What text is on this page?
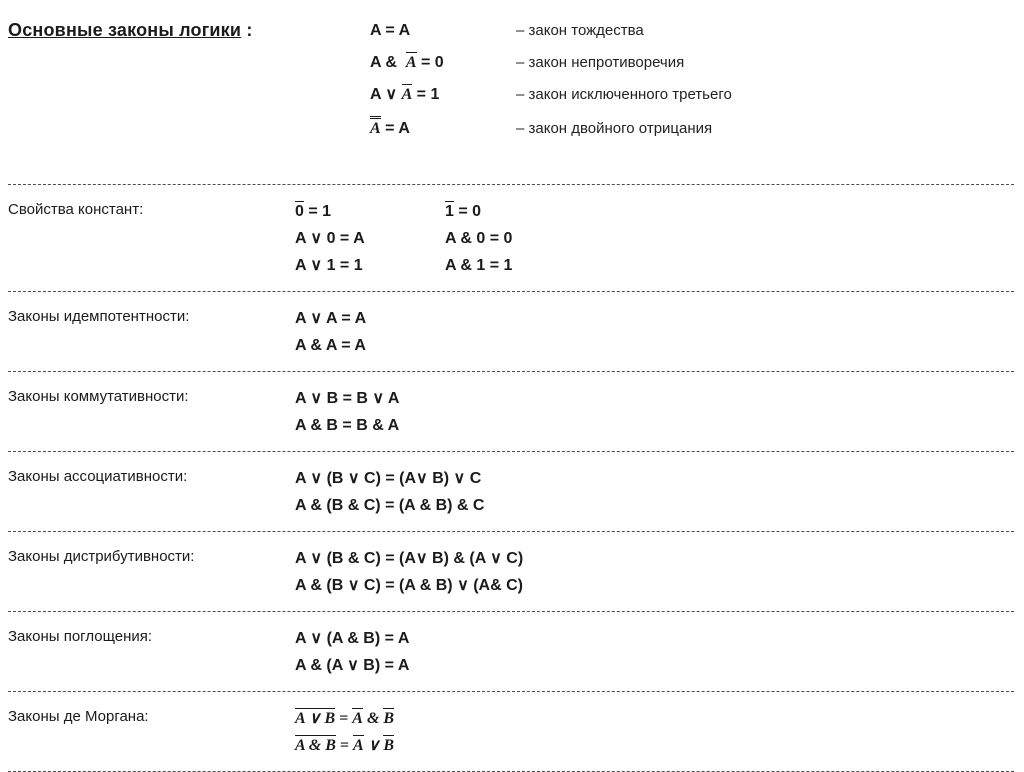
Основные законы логики :	A = A	– закон тождества
A &  A = 0	– закон непротиворечия
A ∨ A = 1	– закон исключенного третьего
A = A	– закон двойного отрицания
Свойства констант:	0 = 1	1 = 0
A ∨ 0 = A	A & 0 = 0
A ∨ 1 = 1	A & 1 = 1
Законы идемпотентности:	A ∨ A = A
A & A = A
Законы коммутативности:	A ∨ B = B ∨ A
A & B = B & A
Законы ассоциативности:	A ∨ (B ∨ C) = (A∨ B) ∨ C
A & (B & C) = (A & B) & C
Законы дистрибутивности:	A ∨ (B & C) = (A∨ B) & (A ∨ C)
A & (B ∨ C) = (A & B) ∨ (A& C)
Законы поглощения:	A ∨ (A & B) = A
A & (A ∨ B) = A
Законы де Моргана:	A ∨ B = A & B
A & B = A ∨ B
